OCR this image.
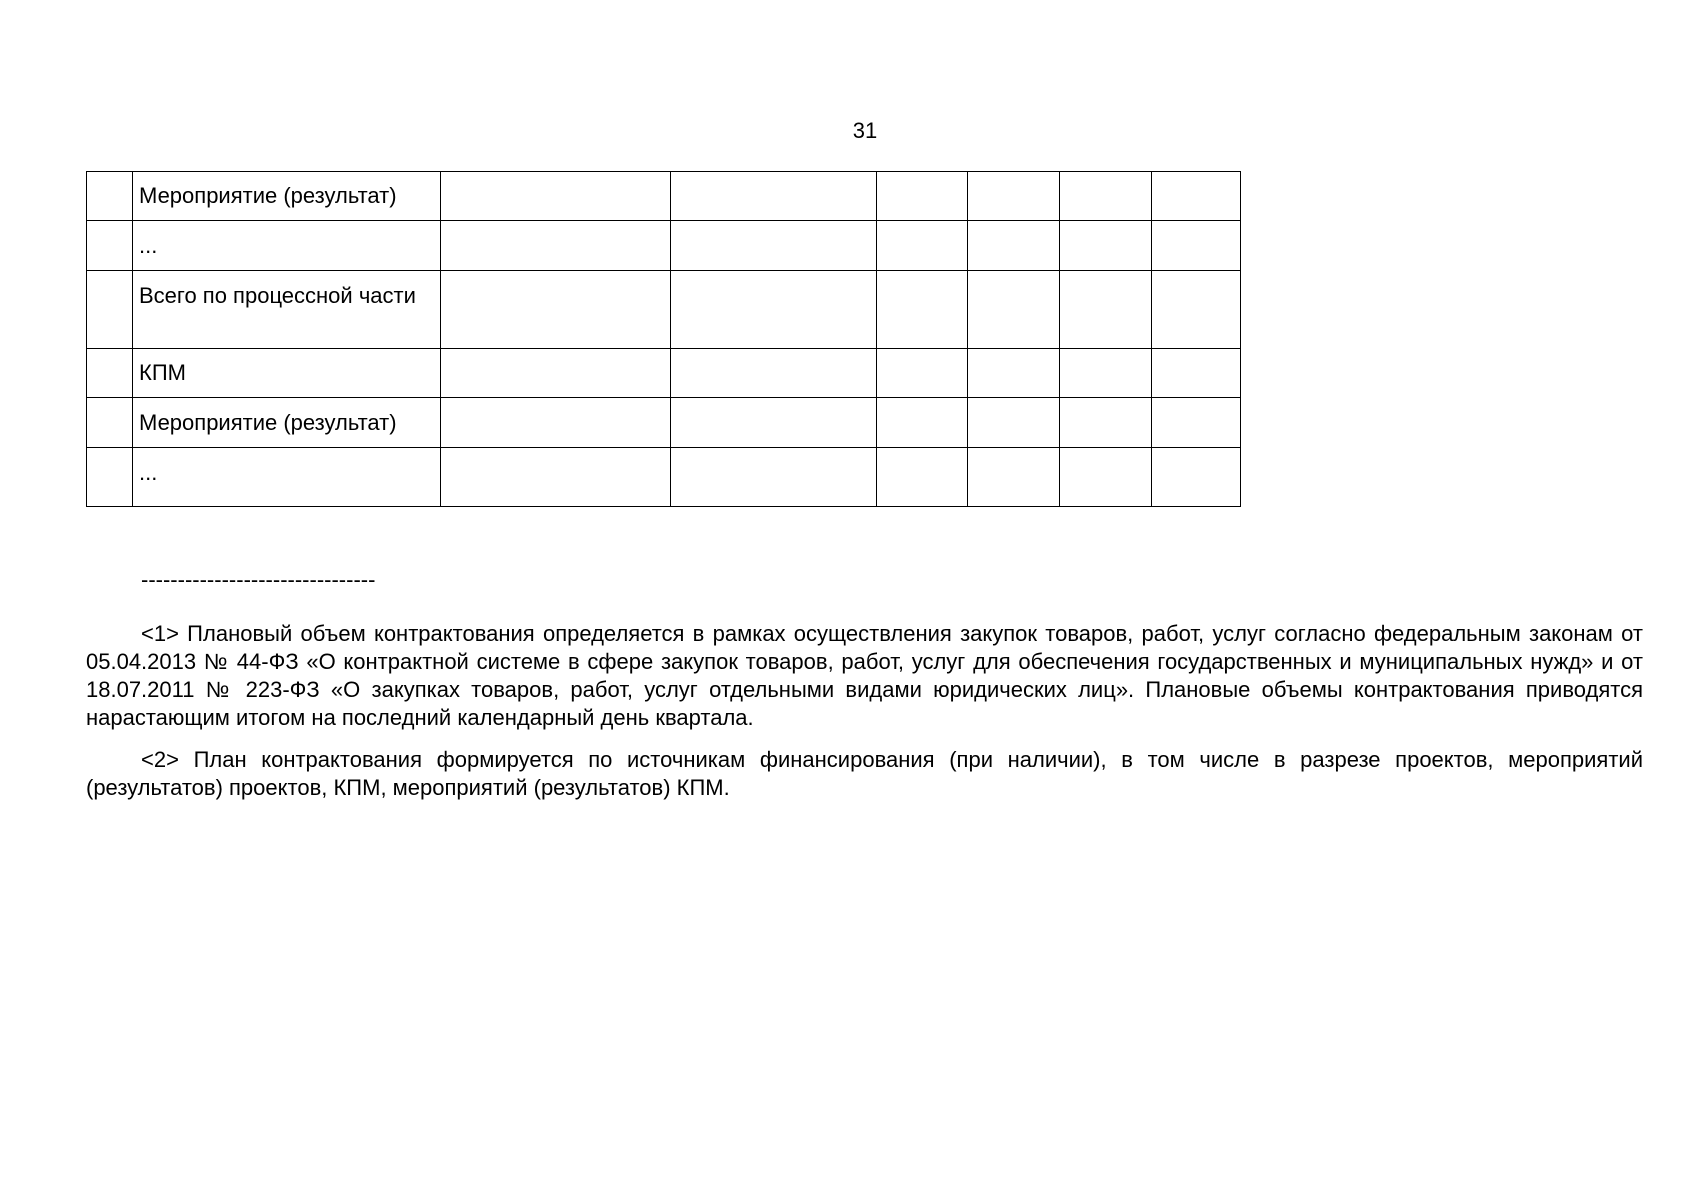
31
	Мероприятие (результат)						
	...						
	Всего по процессной части						
	КПМ						
	Мероприятие (результат)						
	...						
--------------------------------

<1> Плановый объем контрактования определяется в рамках осуществления закупок товаров, работ, услуг согласно федеральным законам от 05.04.2013 № 44-ФЗ «О контрактной системе в сфере закупок товаров, работ, услуг для обеспечения государственных и муниципальных нужд» и от 18.07.2011 № 223-ФЗ «О закупках товаров, работ, услуг отдельными видами юридических лиц». Плановые объемы контрактования приводятся нарастающим итогом на последний календарный день квартала.

<2> План контрактования формируется по источникам финансирования (при наличии), в том числе в разрезе проектов, мероприятий (результатов) проектов, КПМ, мероприятий (результатов) КПМ.
